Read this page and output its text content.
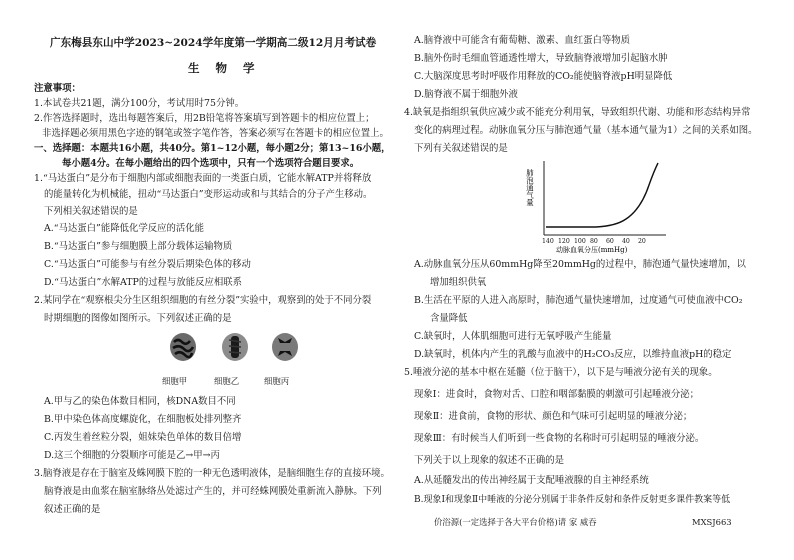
广东梅县东山中学2023~2024学年度第一学期高二级12月月考试卷

生 物 学

注意事项：

1.本试卷共21题，满分100分，考试用时75分钟。

2.作答选择题时，选出每题答案后，用2B铅笔将答案填写到答题卡的相应位置上；

非选择题必须用黑色字迹的钢笔或签字笔作答，答案必须写在答题卡的相应位置上。

一、选择题：本题共16小题，共40分。第1~12小题，每小题2分；第13~16小题，

每小题4分。在每小题给出的四个选项中，只有一个选项符合题目要求。

1.“马达蛋白”是分布于细胞内部或细胞表面的一类蛋白质，它能水解ATP并将释放

的能量转化为机械能，扭动“马达蛋白”变形运动或和与其结合的分子产生移动。

下列相关叙述错误的是

A.“马达蛋白”能降低化学反应的活化能

B.“马达蛋白”参与细胞膜上部分载体运输物质

C.“马达蛋白”可能参与有丝分裂后期染色体的移动

D.“马达蛋白”水解ATP的过程与放能反应相联系

2.某同学在“观察根尖分生区组织细胞的有丝分裂”实验中，观察到的处于不同分裂

时期细胞的图像如图所示。下列叙述正确的是

细胞甲	细胞乙	细胞丙

A.甲与乙的染色体数目相同，核DNA数目不同

B.甲中染色体高度螺旋化，在细胞板处排列整齐

C.丙发生着丝粒分裂，姐妹染色单体的数目倍增

D.这三个细胞的分裂顺序可能是乙→甲→丙

3.脑脊液是存在于脑室及蛛网膜下腔的一种无色透明液体，是脑细胞生存的直接环境。

脑脊液是由血浆在脑室脉络丛处滤过产生的，并可经蛛网膜处重新流入静脉。下列

叙述正确的是

A.脑脊液中可能含有葡萄糖、激素、血红蛋白等物质

B.脑外伤时毛细血管通透性增大，导致脑脊液增加引起脑水肿

C.大脑深度思考时呼吸作用释放的CO₂能使脑脊液pH明显降低

D.脑脊液不属于细胞外液

4.缺氧是指组织氧供应减少或不能充分利用氧，导致组织代谢、功能和形态结构异常

变化的病理过程。动脉血氧分压与肺泡通气量（基本通气量为1）之间的关系如图。

下列有关叙述错误的是

肺泡通气量
140 120 100 80 60 40 20
动脉血氧分压(mmHg)

A.动脉血氧分压从60mmHg降至20mmHg的过程中，肺泡通气量快速增加，以

增加组织供氧

B.生活在平原的人进入高原时，肺泡通气量快速增加，过度通气可使血液中CO₂

含量降低

C.缺氧时，人体肌细胞可进行无氧呼吸产生能量

D.缺氧时，机体内产生的乳酸与血液中的H₂CO₃反应，以维持血液pH的稳定

5.唾液分泌的基本中枢在延髓（位于脑干），以下是与唾液分泌有关的现象。

现象Ⅰ：进食时，食物对舌、口腔和咽部黏膜的刺激可引起唾液分泌；

现象Ⅱ：进食前，食物的形状、颜色和气味可引起明显的唾液分泌；

现象Ⅲ：有时候当人们听到一些食物的名称时可引起明显的唾液分泌。

下列关于以上现象的叙述不正确的是

A.从延髓发出的传出神经属于支配唾液腺的自主神经系统

B.现象Ⅰ和现象Ⅱ中唾液的分泌分别属于非条件反射和条件反射更多课件教案等低

价浴源(一定选择于各大平台价格)请 家 威吞	MXSJ663
